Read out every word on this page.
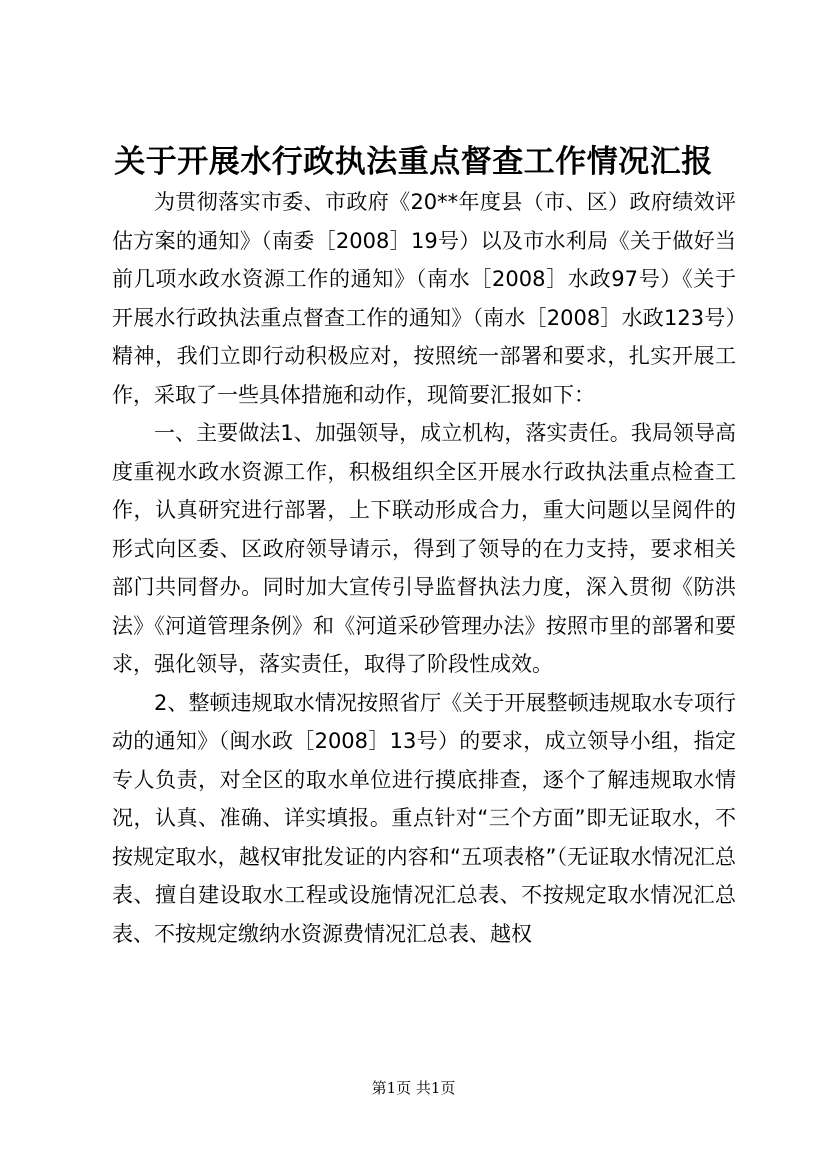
关于开展水行政执法重点督查工作情况汇报

为贯彻落实市委、市政府《20**年度县（市、区）政府绩效评估方案的通知》（南委［2008］19号）以及市水利局《关于做好当前几项水政水资源工作的通知》（南水［2008］水政97号）《关于开展水行政执法重点督查工作的通知》（南水［2008］水政123号）精神，我们立即行动积极应对，按照统一部署和要求，扎实开展工作，采取了一些具体措施和动作，现简要汇报如下：

一、主要做法1、加强领导，成立机构，落实责任。我局领导高度重视水政水资源工作，积极组织全区开展水行政执法重点检查工作，认真研究进行部署，上下联动形成合力，重大问题以呈阅件的形式向区委、区政府领导请示，得到了领导的在力支持，要求相关部门共同督办。同时加大宣传引导监督执法力度，深入贯彻《防洪法》《河道管理条例》和《河道采砂管理办法》按照市里的部署和要求，强化领导，落实责任，取得了阶段性成效。

2、整顿违规取水情况按照省厅《关于开展整顿违规取水专项行动的通知》（闽水政［2008］13号）的要求，成立领导小组，指定专人负责，对全区的取水单位进行摸底排查，逐个了解违规取水情况，认真、准确、详实填报。重点针对“三个方面”即无证取水，不按规定取水，越权审批发证的内容和“五项表格”（无证取水情况汇总表、擅自建设取水工程或设施情况汇总表、不按规定取水情况汇总表、不按规定缴纳水资源费情况汇总表、越权

第1页 共1页
